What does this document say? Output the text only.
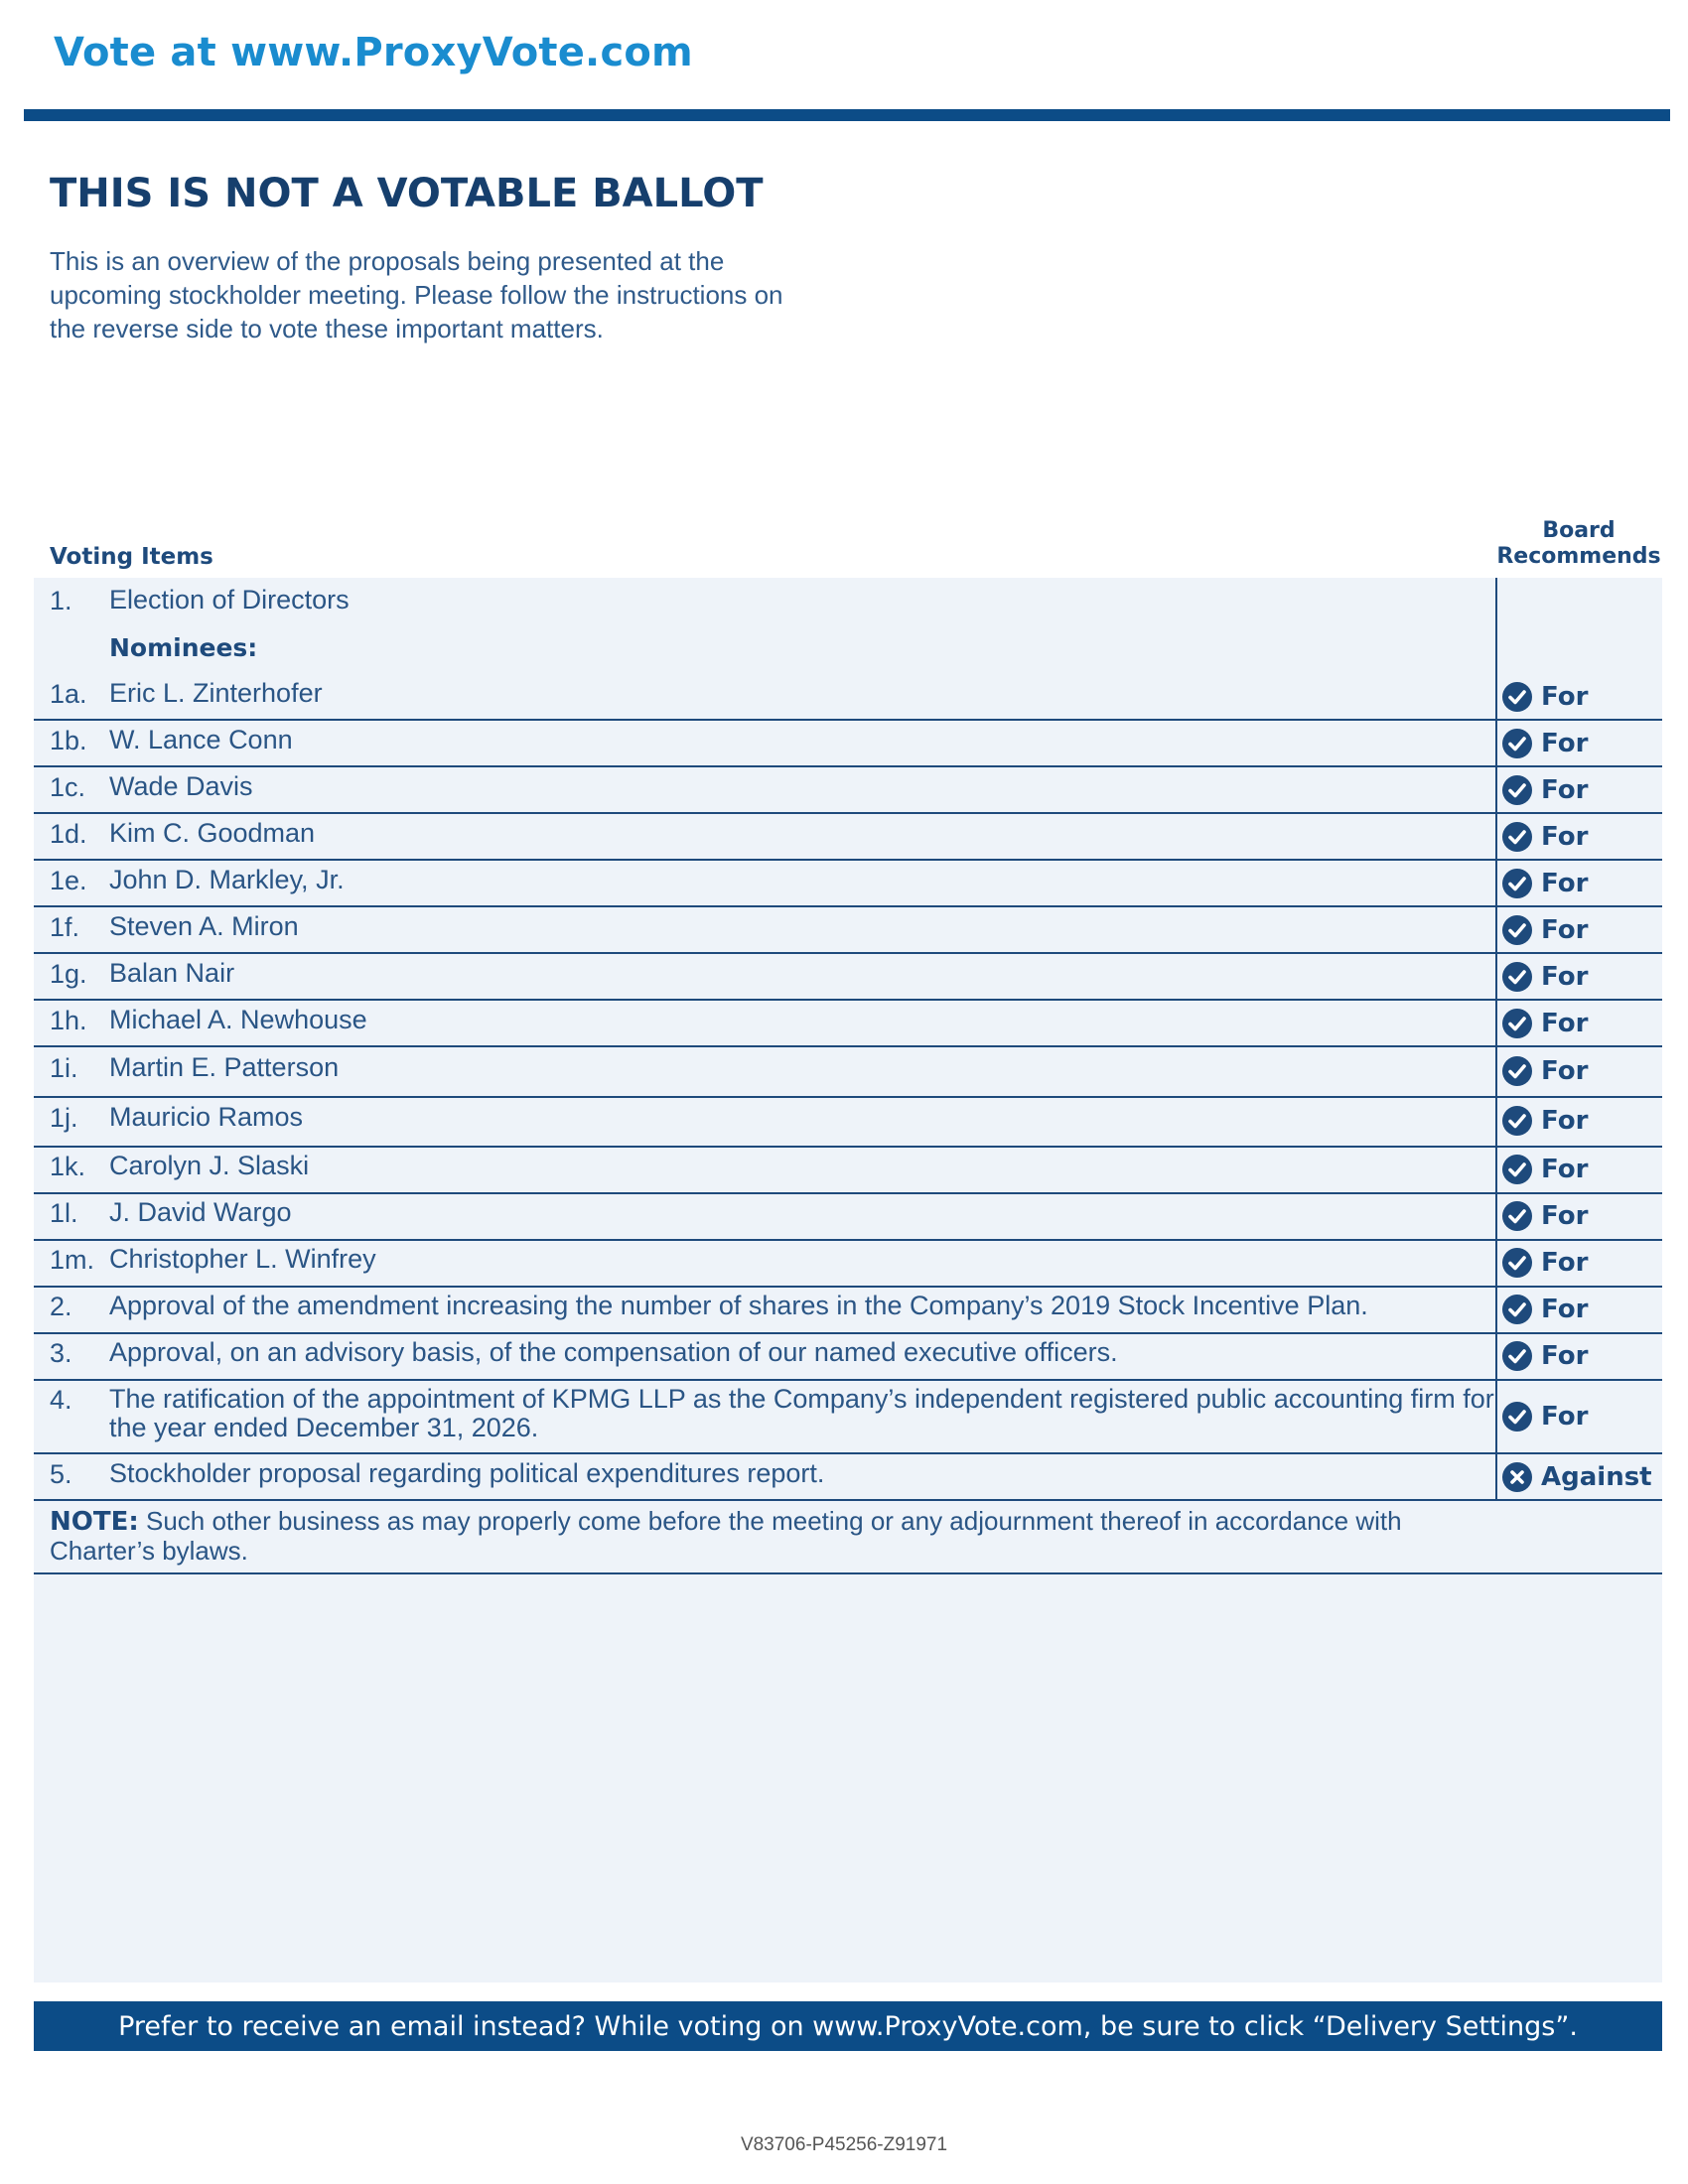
Vote at www.ProxyVote.com
THIS IS NOT A VOTABLE BALLOT
This is an overview of the proposals being presented at the
upcoming stockholder meeting. Please follow the instructions on
the reverse side to vote these important matters.
Voting Items
Board
Recommends
1. Election of Directors
Nominees:
1a. Eric L. Zinterhofer	For
1b. W. Lance Conn	For
1c. Wade Davis	For
1d. Kim C. Goodman	For
1e. John D. Markley, Jr.	For
1f. Steven A. Miron	For
1g. Balan Nair	For
1h. Michael A. Newhouse	For
1i. Martin E. Patterson	For
1j. Mauricio Ramos	For
1k. Carolyn J. Slaski	For
1l. J. David Wargo	For
1m. Christopher L. Winfrey	For
2. Approval of the amendment increasing the number of shares in the Company’s 2019 Stock Incentive Plan.	For
3. Approval, on an advisory basis, of the compensation of our named executive officers.	For
4. The ratification of the appointment of KPMG LLP as the Company’s independent registered public accounting firm for
the year ended December 31, 2026.	For
5. Stockholder proposal regarding political expenditures report.	Against
NOTE: Such other business as may properly come before the meeting or any adjournment thereof in accordance with
Charter’s bylaws.
Prefer to receive an email instead? While voting on www.ProxyVote.com, be sure to click “Delivery Settings”.
V83706-P45256-Z91971
